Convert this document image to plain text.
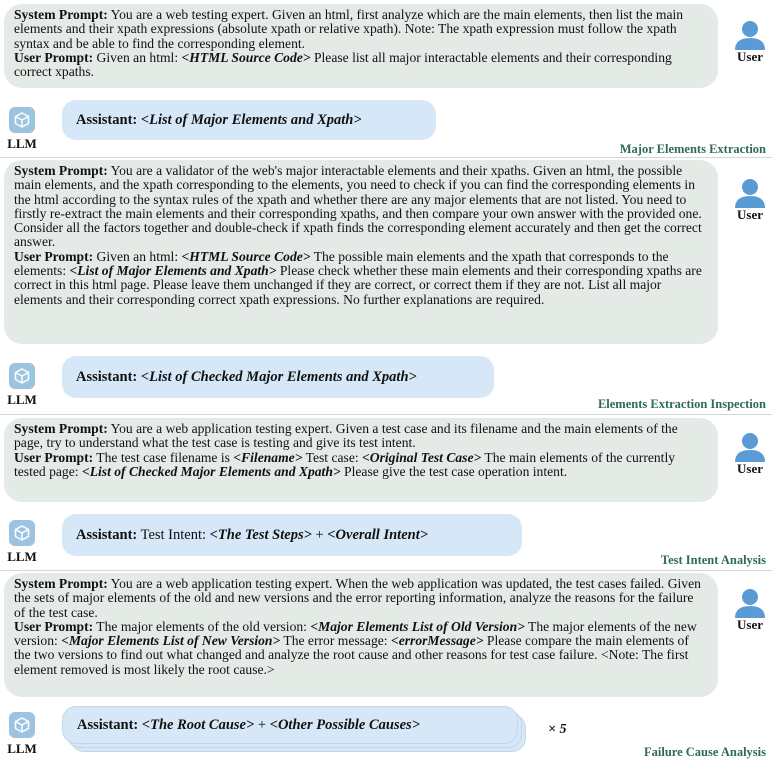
System Prompt: You are a web testing expert. Given an html, first analyze which are the main elements, then list the main elements and their xpath expressions (absolute xpath or relative xpath). Note: The xpath expression must follow the xpath syntax and be able to find the corresponding element.

User Prompt: Given an html: <HTML Source Code> Please list all major interactable elements and their corresponding correct xpaths.

User
LLM
Assistant: <List of Major Elements and Xpath>
Major Elements Extraction

System Prompt: You are a validator of the web's major interactable elements and their xpaths. Given an html, the possible main elements, and the xpath corresponding to the elements, you need to check if you can find the corresponding elements in the html according to the syntax rules of the xpath and whether there are any major elements that are not listed. You need to firstly re-extract the main elements and their corresponding xpaths, and then compare your own answer with the provided one. Consider all the factors together and double-check if xpath finds the corresponding element accurately and then get the correct answer.

User Prompt: Given an html: <HTML Source Code> The possible main elements and the xpath that corresponds to the elements: <List of Major Elements and Xpath> Please check whether these main elements and their corresponding xpaths are correct in this html page. Please leave them unchanged if they are correct, or correct them if they are not. List all major elements and their corresponding correct xpath expressions. No further explanations are required.

User
LLM
Assistant: <List of Checked Major Elements and Xpath>
Elements Extraction Inspection

System Prompt: You are a web application testing expert. Given a test case and its filename and the main elements of the page, try to understand what the test case is testing and give its test intent.

User Prompt: The test case filename is <Filename> Test case: <Original Test Case> The main elements of the currently tested page: <List of Checked Major Elements and Xpath> Please give the test case operation intent.	User
LLM
Assistant: Test Intent: <The Test Steps> + <Overall Intent>
Test Intent Analysis

System Prompt: You are a web application testing expert. When the web application was updated, the test cases failed. Given the sets of major elements of the old and new versions and the error reporting information, analyze the reasons for the failure of the test case.

User Prompt: The major elements of the old version: <Major Elements List of Old Version> The major elements of the new version: <Major Elements List of New Version> The error message: <errorMessage> Please compare the main elements of the two versions to find out what changed and analyze the root cause and other reasons for test case failure. <Note: The first element removed is most likely the root cause.>

User
LLM
Assistant: <The Root Cause> + <Other Possible Causes>	× 5
Failure Cause Analysis
